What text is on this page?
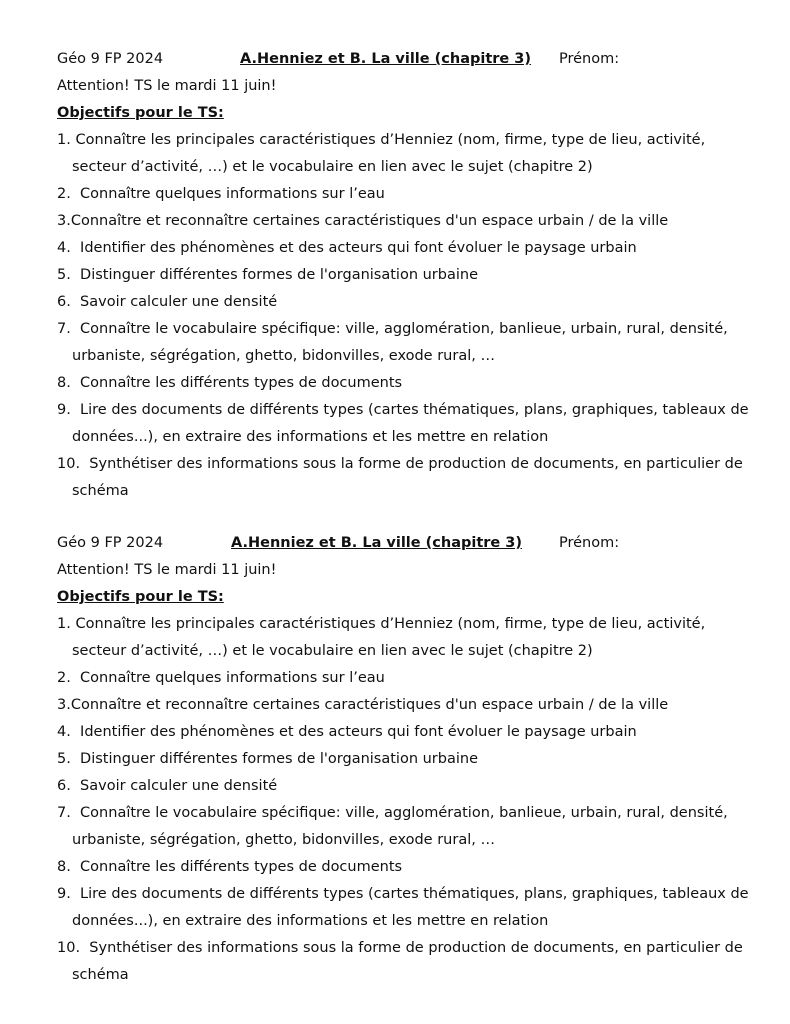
Géo 9 FP 2024	A.Henniez et B. La ville (chapitre 3) Prénom:
Attention! TS le mardi 11 juin!
Objectifs pour le TS:
1. Connaître les principales caractéristiques d’Henniez (nom, firme, type de lieu, activité,
secteur d’activité, …) et le vocabulaire en lien avec le sujet (chapitre 2)
2.  Connaître quelques informations sur l’eau
3.Connaître et reconnaître certaines caractéristiques d'un espace urbain / de la ville
4.  Identifier des phénomènes et des acteurs qui font évoluer le paysage urbain
5.  Distinguer différentes formes de l'organisation urbaine
6.  Savoir calculer une densité
7.  Connaître le vocabulaire spécifique: ville, agglomération, banlieue, urbain, rural, densité,
urbaniste, ségrégation, ghetto, bidonvilles, exode rural, …
8.  Connaître les différents types de documents
9.  Lire des documents de différents types (cartes thématiques, plans, graphiques, tableaux de
données...), en extraire des informations et les mettre en relation
10.  Synthétiser des informations sous la forme de production de documents, en particulier de
schéma
Géo 9 FP 2024	A.Henniez et B. La ville (chapitre 3)	Prénom:
Attention! TS le mardi 11 juin!
Objectifs pour le TS:
1. Connaître les principales caractéristiques d’Henniez (nom, firme, type de lieu, activité,
secteur d’activité, …) et le vocabulaire en lien avec le sujet (chapitre 2)
2.  Connaître quelques informations sur l’eau
3.Connaître et reconnaître certaines caractéristiques d'un espace urbain / de la ville
4.  Identifier des phénomènes et des acteurs qui font évoluer le paysage urbain
5.  Distinguer différentes formes de l'organisation urbaine
6.  Savoir calculer une densité
7.  Connaître le vocabulaire spécifique: ville, agglomération, banlieue, urbain, rural, densité,
urbaniste, ségrégation, ghetto, bidonvilles, exode rural, …
8.  Connaître les différents types de documents
9.  Lire des documents de différents types (cartes thématiques, plans, graphiques, tableaux de
données...), en extraire des informations et les mettre en relation
10.  Synthétiser des informations sous la forme de production de documents, en particulier de
schéma
